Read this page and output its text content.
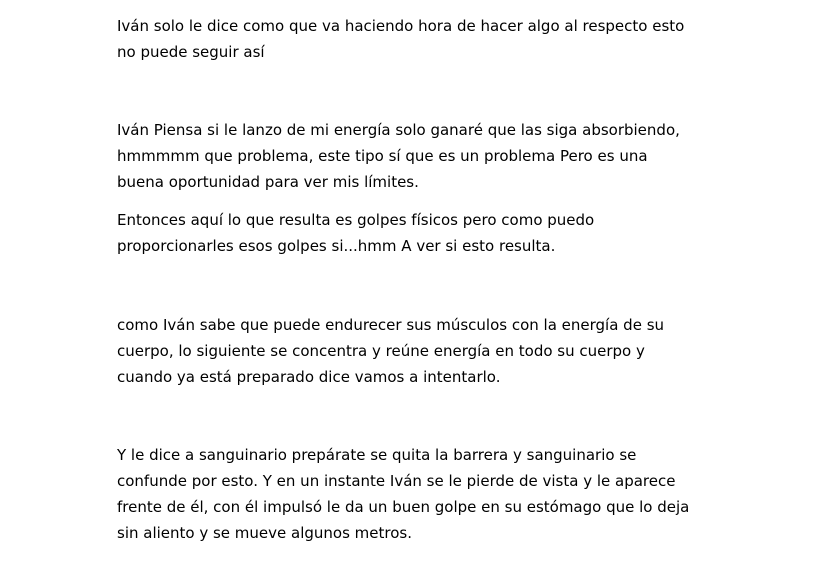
Iván solo le dice como que va haciendo hora de hacer algo al respecto esto
no puede seguir así

Iván Piensa si le lanzo de mi energía solo ganaré que las siga absorbiendo,
hmmmmm que problema, este tipo sí que es un problema Pero es una
buena oportunidad para ver mis límites.

Entonces aquí lo que resulta es golpes físicos pero como puedo
proporcionarles esos golpes si...hmm A ver si esto resulta.

como Iván sabe que puede endurecer sus músculos con la energía de su
cuerpo, lo siguiente se concentra y reúne energía en todo su cuerpo y
cuando ya está preparado dice vamos a intentarlo.

Y le dice a sanguinario prepárate se quita la barrera y sanguinario se
confunde por esto. Y en un instante Iván se le pierde de vista y le aparece
frente de él, con él impulsó le da un buen golpe en su estómago que lo deja
sin aliento y se mueve algunos metros.
